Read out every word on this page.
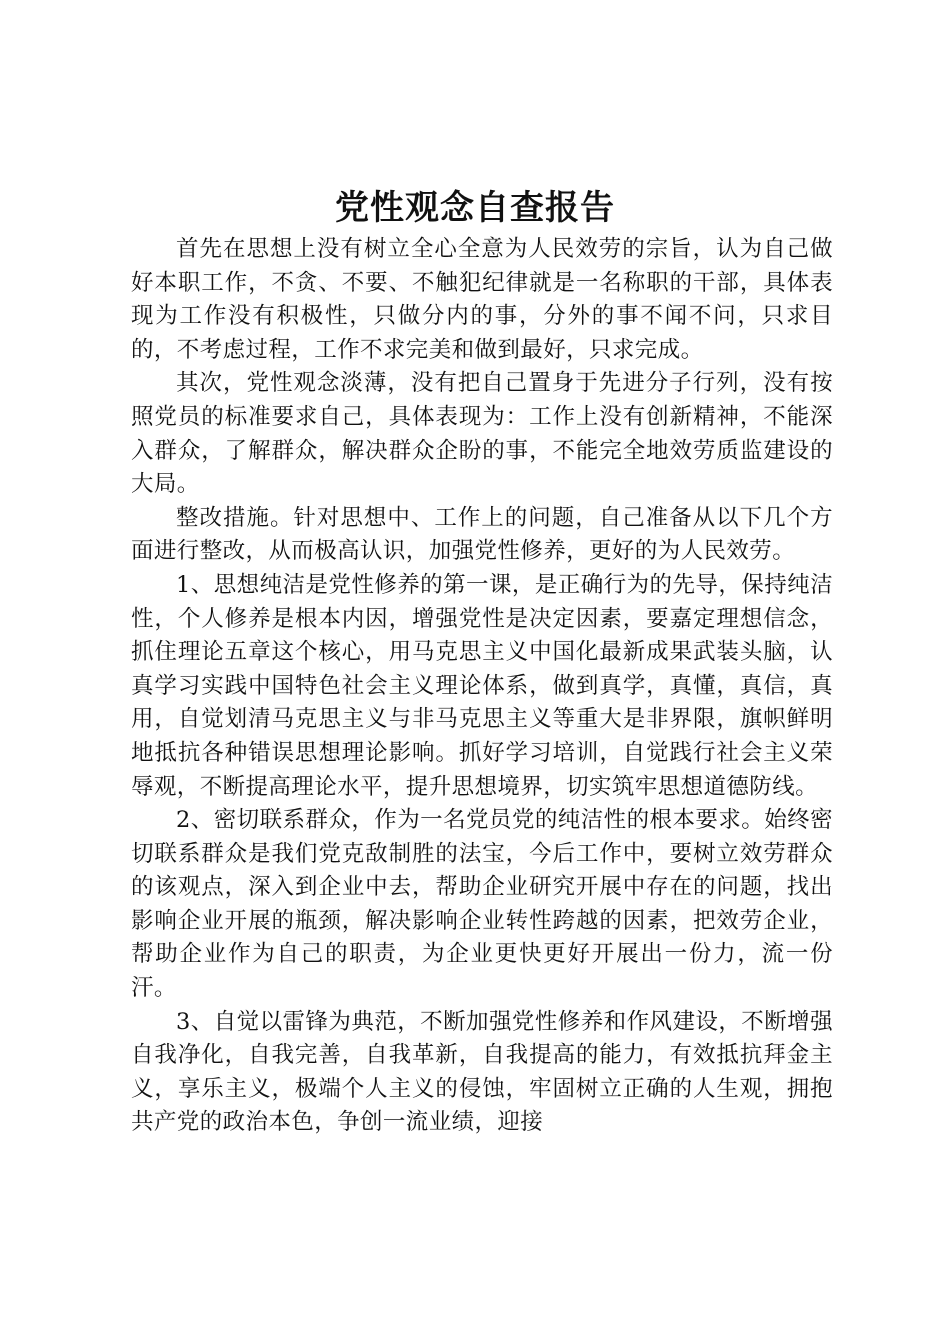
党性观念自查报告

首先在思想上没有树立全心全意为人民效劳的宗旨，认为自己做好本职工作，不贪、不要、不触犯纪律就是一名称职的干部，具体表现为工作没有积极性，只做分内的事，分外的事不闻不问，只求目的，不考虑过程，工作不求完美和做到最好，只求完成。

其次，党性观念淡薄，没有把自己置身于先进分子行列，没有按照党员的标准要求自己，具体表现为：工作上没有创新精神，不能深入群众，了解群众，解决群众企盼的事，不能完全地效劳质监建设的大局。

整改措施。针对思想中、工作上的问题，自己准备从以下几个方面进行整改，从而极高认识，加强党性修养，更好的为人民效劳。

1、思想纯洁是党性修养的第一课，是正确行为的先导，保持纯洁性，个人修养是根本内因，增强党性是决定因素，要嘉定理想信念，抓住理论五章这个核心，用马克思主义中国化最新成果武装头脑，认真学习实践中国特色社会主义理论体系，做到真学，真懂，真信，真用，自觉划清马克思主义与非马克思主义等重大是非界限，旗帜鲜明地抵抗各种错误思想理论影响。抓好学习培训，自觉践行社会主义荣辱观，不断提高理论水平，提升思想境界，切实筑牢思想道德防线。

2、密切联系群众，作为一名党员党的纯洁性的根本要求。始终密切联系群众是我们党克敌制胜的法宝，今后工作中，要树立效劳群众的该观点，深入到企业中去，帮助企业研究开展中存在的问题，找出影响企业开展的瓶颈，解决影响企业转性跨越的因素，把效劳企业，帮助企业作为自己的职责，为企业更快更好开展出一份力，流一份汗。

3、自觉以雷锋为典范，不断加强党性修养和作风建设，不断增强自我净化，自我完善，自我革新，自我提高的能力，有效抵抗拜金主义，享乐主义，极端个人主义的侵蚀，牢固树立正确的人生观，拥抱共产党的政治本色，争创一流业绩，迎接
